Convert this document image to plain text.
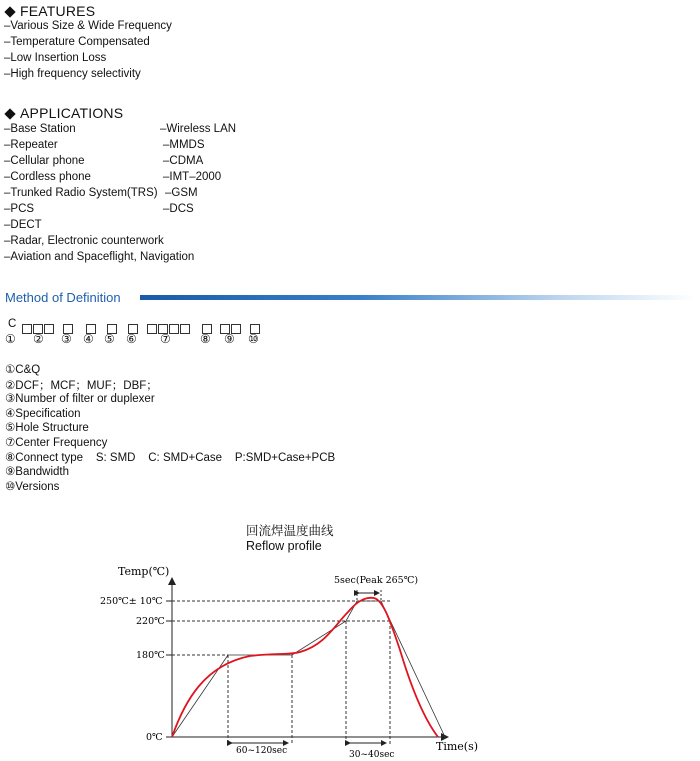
FEATURES
–Various Size & Wide Frequency
–Temperature Compensated
–Low Insertion Loss
–High frequency selectivity
APPLICATIONS
–Base Station
–Repeater
–Cellular phone
–Cordless phone
–Trunked Radio System(TRS)
–PCS
–DECT
–Radar, Electronic counterwork
–Aviation and Spaceflight, Navigation
–Wireless LAN
–MMDS
–CDMA
–IMT–2000
–GSM
–DCS
Method of Definition
C
① ② ③ ④ ⑤ ⑥ ⑦ ⑧ ⑨ ⑩
①C&Q
②DCF；MCF；MUF；DBF；
③Number of filter or duplexer
④Specification
⑤Hole Structure
⑦Center Frequency
⑧Connect type    S: SMD    C: SMD+Case    P:SMD+Case+PCB
⑨Bandwidth
⑩Versions
回流焊温度曲线
Reflow profile
Temp(℃)
Time(s)
0℃
180℃
220℃
250℃± 10℃
60~120sec	30~40sec
5sec(Peak 265℃)
